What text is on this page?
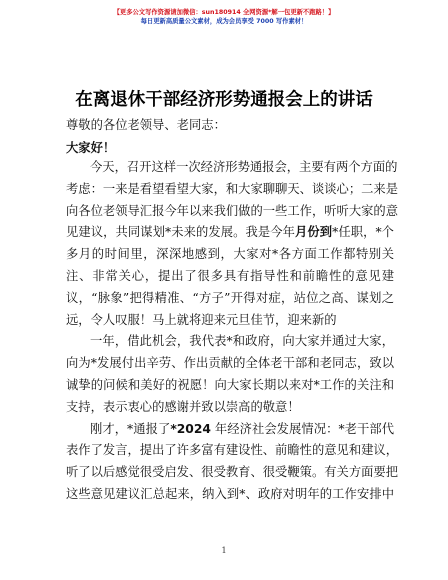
【更多公文写作资源请加微信：sun180914 全网资源*解一包更新不跑路！】
每日更新高质量公文素材，成为会员享受 7000 写作素材！
在离退休干部经济形势通报会上的讲话
尊敬的各位老领导、老同志：
大家好！
今天，召开这样一次经济形势通报会，主要有两个方面的
考虑：一来是看望看望大家，和大家聊聊天、谈谈心；二来是
向各位老领导汇报今年以来我们做的一些工作，听听大家的意
见建议，共同谋划*未来的发展。我是今年月份到*任职，*个
多月的时间里，深深地感到，大家对*各方面工作都特别关
注、非常关心，提出了很多具有指导性和前瞻性的意见建
议，“脉象”把得精准、“方子”开得对症，站位之高、谋划之
远，令人叹服！马上就将迎来元旦佳节，迎来新的
一年，借此机会，我代表*和政府，向大家并通过大家，
向为*发展付出辛劳、作出贡献的全体老干部和老同志，致以
诚挚的问候和美好的祝愿！向大家长期以来对*工作的关注和
支持，表示衷心的感谢并致以崇高的敬意！
刚才，*通报了*2024 年经济社会发展情况：*老干部代
表作了发言，提出了许多富有建设性、前瞻性的意见和建议，
听了以后感觉很受启发、很受教育、很受鞭策。有关方面要把
这些意见建议汇总起来，纳入到*、政府对明年的工作安排中
1
